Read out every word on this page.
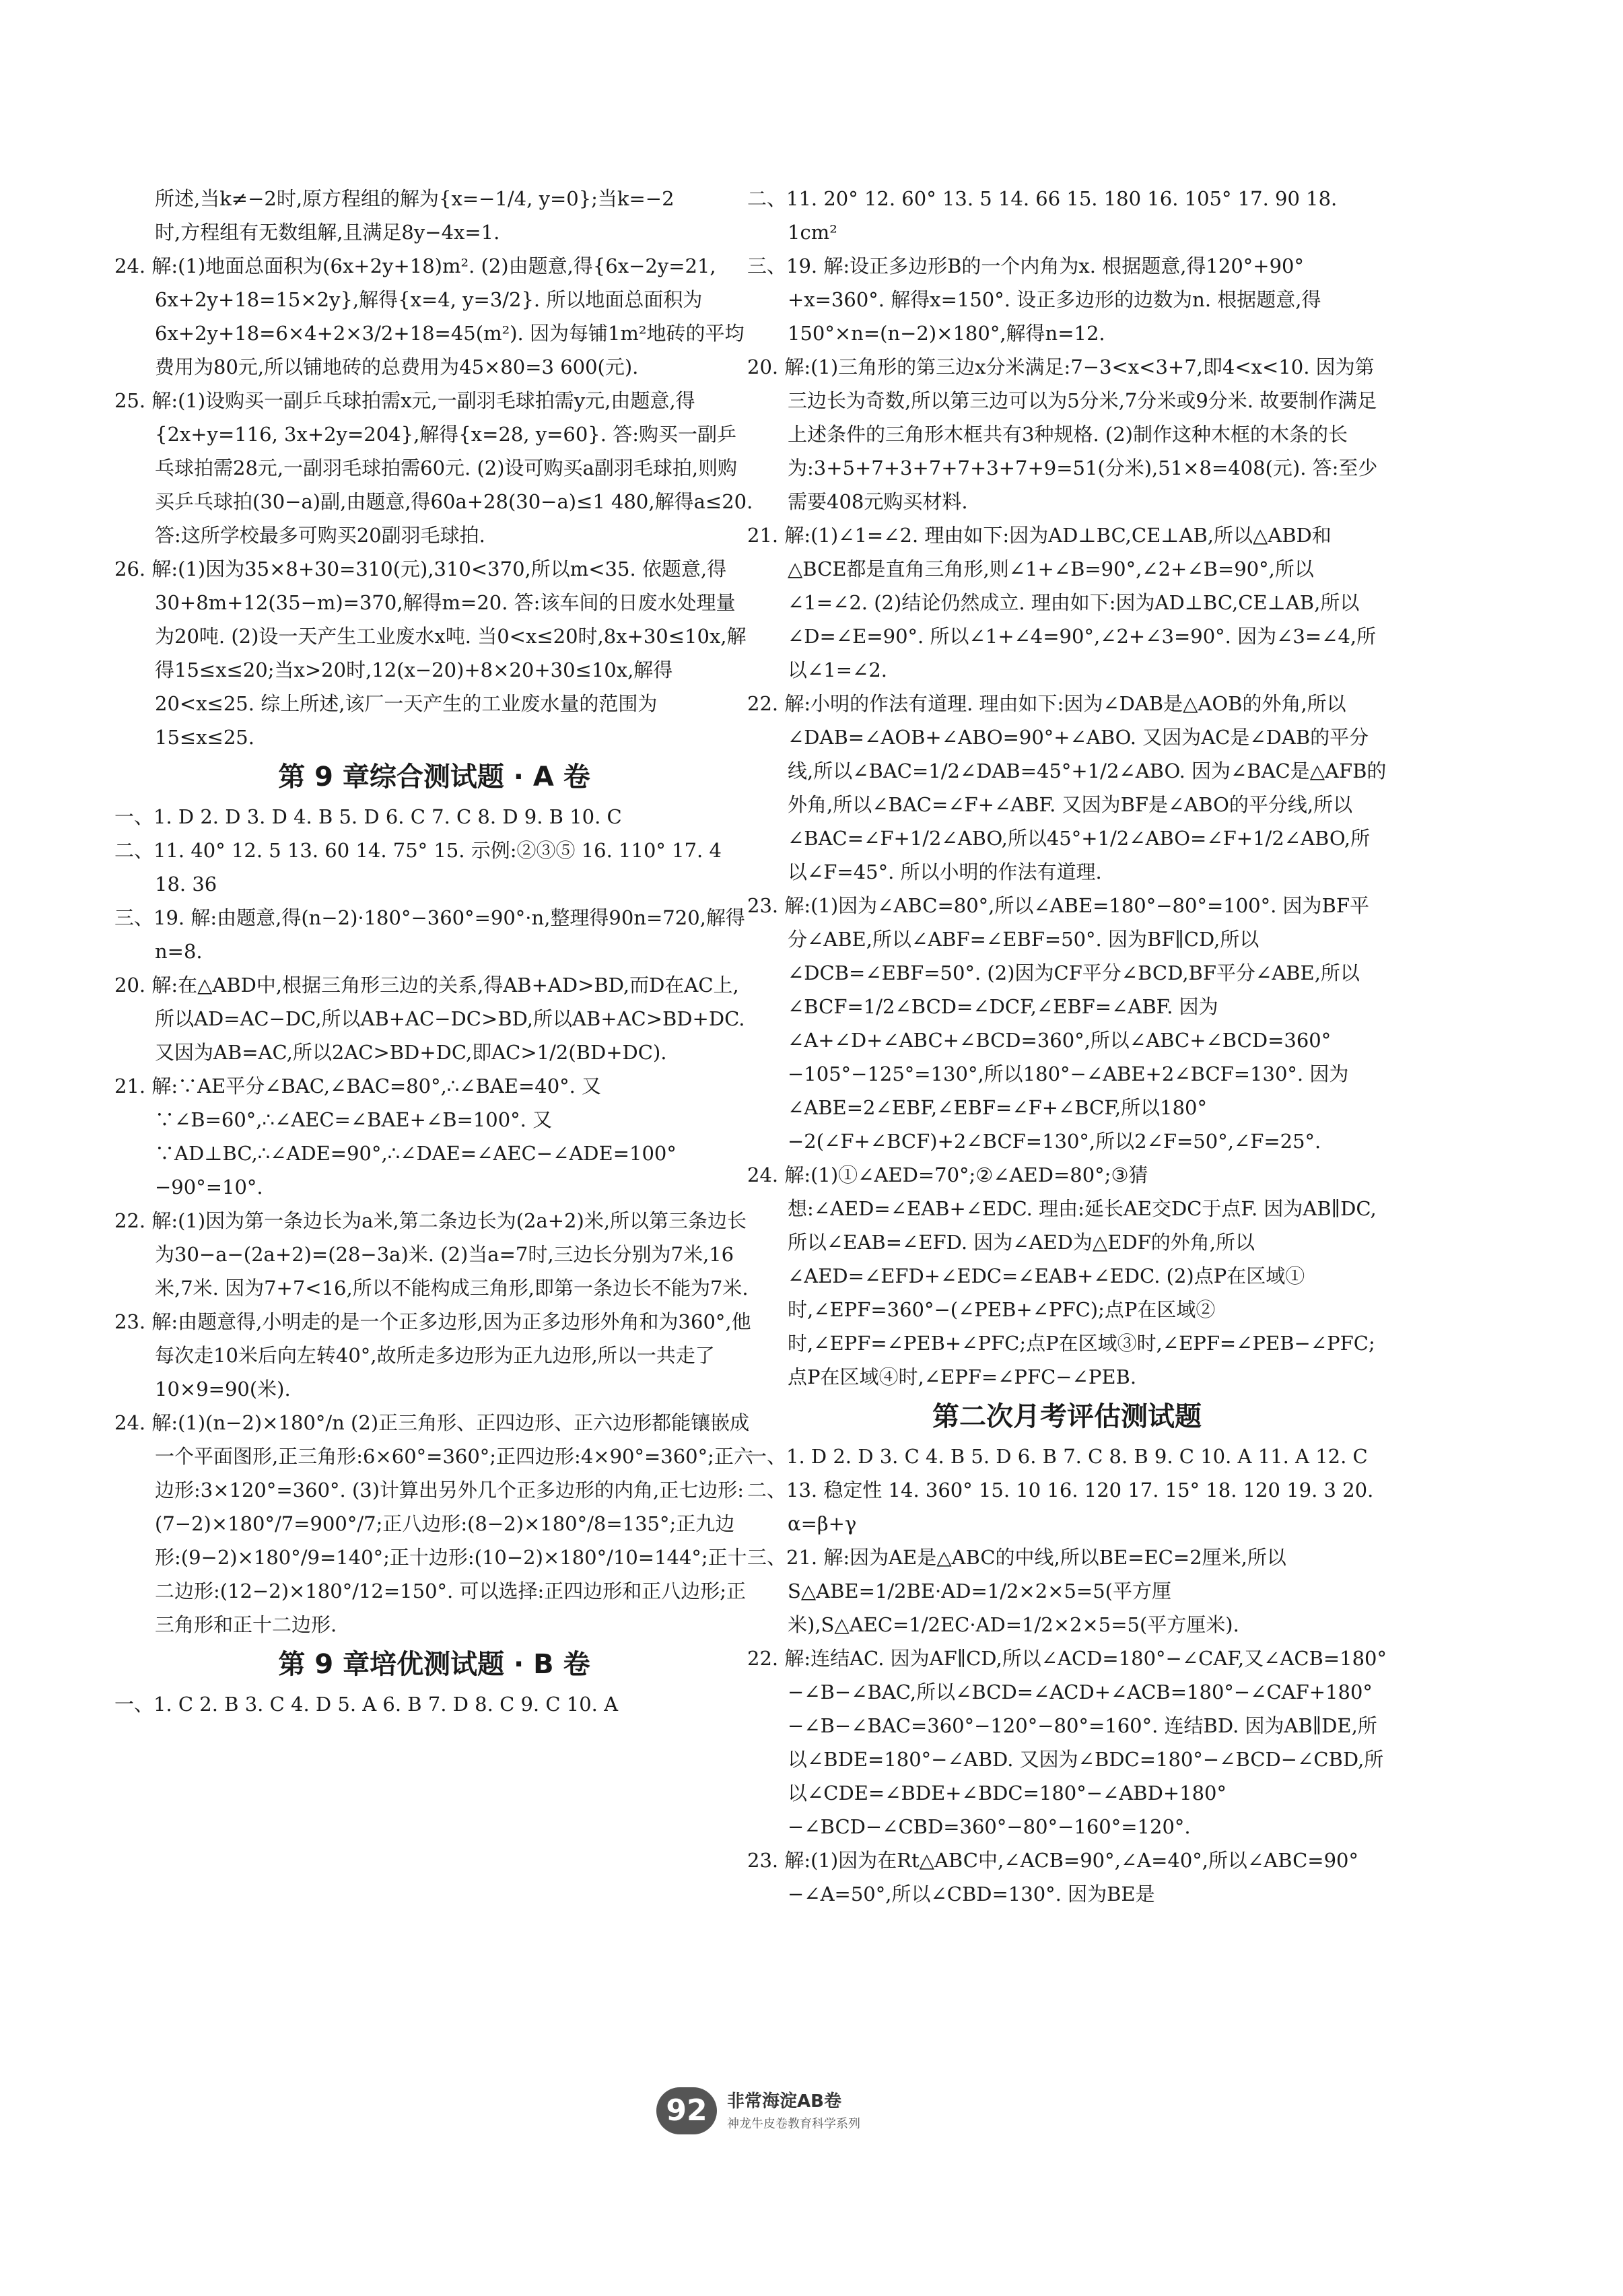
所述,当k≠−2时,原方程组的解为{x=−1/4, y=0};当k=−2
时,方程组有无数组解,且满足8y−4x=1.
24. 解:(1)地面总面积为(6x+2y+18)m². (2)由题意,得{6x−2y=21, 6x+2y+18=15×2y},解得{x=4, y=3/2}. 所以地面总面积为6x+2y+18=6×4+2×3/2+18=45(m²). 因为每铺1m²地砖的平均费用为80元,所以铺地砖的总费用为45×80=3 600(元).
25. 解:(1)设购买一副乒乓球拍需x元,一副羽毛球拍需y元,由题意,得{2x+y=116, 3x+2y=204},解得{x=28, y=60}. 答:购买一副乒乓球拍需28元,一副羽毛球拍需60元. (2)设可购买a副羽毛球拍,则购买乒乓球拍(30−a)副,由题意,得60a+28(30−a)≤1 480,解得a≤20. 答:这所学校最多可购买20副羽毛球拍.
26. 解:(1)因为35×8+30=310(元),310<370,所以m<35. 依题意,得30+8m+12(35−m)=370,解得m=20. 答:该车间的日废水处理量为20吨. (2)设一天产生工业废水x吨. 当0<x≤20时,8x+30≤10x,解得15≤x≤20;当x>20时,12(x−20)+8×20+30≤10x,解得20<x≤25. 综上所述,该厂一天产生的工业废水量的范围为15≤x≤25.
第 9 章综合测试题 · A 卷
一、1. D 2. D 3. D 4. B 5. D 6. C 7. C 8. D 9. B 10. C
二、11. 40° 12. 5 13. 60 14. 75° 15. 示例:②③⑤ 16. 110° 17. 4 18. 36
三、19. 解:由题意,得(n−2)·180°−360°=90°·n,整理得90n=720,解得n=8.
20. 解:在△ABD中,根据三角形三边的关系,得AB+AD>BD,而D在AC上,所以AD=AC−DC,所以AB+AC−DC>BD,所以AB+AC>BD+DC. 又因为AB=AC,所以2AC>BD+DC,即AC>1/2(BD+DC).
21. 解:∵AE平分∠BAC,∠BAC=80°,∴∠BAE=40°. 又∵∠B=60°,∴∠AEC=∠BAE+∠B=100°. 又∵AD⊥BC,∴∠ADE=90°,∴∠DAE=∠AEC−∠ADE=100°−90°=10°.
22. 解:(1)因为第一条边长为a米,第二条边长为(2a+2)米,所以第三条边长为30−a−(2a+2)=(28−3a)米. (2)当a=7时,三边长分别为7米,16米,7米. 因为7+7<16,所以不能构成三角形,即第一条边长不能为7米.
23. 解:由题意得,小明走的是一个正多边形,因为正多边形外角和为360°,他每次走10米后向左转40°,故所走多边形为正九边形,所以一共走了10×9=90(米).
24. 解:(1)(n−2)×180°/n (2)正三角形、正四边形、正六边形都能镶嵌成一个平面图形,正三角形:6×60°=360°;正四边形:4×90°=360°;正六边形:3×120°=360°. (3)计算出另外几个正多边形的内角,正七边形:(7−2)×180°/7=900°/7;正八边形:(8−2)×180°/8=135°;正九边形:(9−2)×180°/9=140°;正十边形:(10−2)×180°/10=144°;正十二边形:(12−2)×180°/12=150°. 可以选择:正四边形和正八边形;正三角形和正十二边形.
第 9 章培优测试题 · B 卷
一、1. C 2. B 3. C 4. D 5. A 6. B 7. D 8. C 9. C 10. A
二、11. 20° 12. 60° 13. 5 14. 66 15. 180 16. 105° 17. 90 18. 1cm²
三、19. 解:设正多边形B的一个内角为x. 根据题意,得120°+90°+x=360°. 解得x=150°. 设正多边形的边数为n. 根据题意,得150°×n=(n−2)×180°,解得n=12.
20. 解:(1)三角形的第三边x分米满足:7−3<x<3+7,即4<x<10. 因为第三边长为奇数,所以第三边可以为5分米,7分米或9分米. 故要制作满足上述条件的三角形木框共有3种规格. (2)制作这种木框的木条的长为:3+5+7+3+7+7+3+7+9=51(分米),51×8=408(元). 答:至少需要408元购买材料.
21. 解:(1)∠1=∠2. 理由如下:因为AD⊥BC,CE⊥AB,所以△ABD和△BCE都是直角三角形,则∠1+∠B=90°,∠2+∠B=90°,所以∠1=∠2. (2)结论仍然成立. 理由如下:因为AD⊥BC,CE⊥AB,所以∠D=∠E=90°. 所以∠1+∠4=90°,∠2+∠3=90°. 因为∠3=∠4,所以∠1=∠2.
22. 解:小明的作法有道理. 理由如下:因为∠DAB是△AOB的外角,所以∠DAB=∠AOB+∠ABO=90°+∠ABO. 又因为AC是∠DAB的平分线,所以∠BAC=1/2∠DAB=45°+1/2∠ABO. 因为∠BAC是△AFB的外角,所以∠BAC=∠F+∠ABF. 又因为BF是∠ABO的平分线,所以∠BAC=∠F+1/2∠ABO,所以45°+1/2∠ABO=∠F+1/2∠ABO,所以∠F=45°. 所以小明的作法有道理.
23. 解:(1)因为∠ABC=80°,所以∠ABE=180°−80°=100°. 因为BF平分∠ABE,所以∠ABF=∠EBF=50°. 因为BF∥CD,所以∠DCB=∠EBF=50°. (2)因为CF平分∠BCD,BF平分∠ABE,所以∠BCF=1/2∠BCD=∠DCF,∠EBF=∠ABF. 因为∠A+∠D+∠ABC+∠BCD=360°,所以∠ABC+∠BCD=360°−105°−125°=130°,所以180°−∠ABE+2∠BCF=130°. 因为∠ABE=2∠EBF,∠EBF=∠F+∠BCF,所以180°−2(∠F+∠BCF)+2∠BCF=130°,所以2∠F=50°,∠F=25°.
24. 解:(1)①∠AED=70°;②∠AED=80°;③猜想:∠AED=∠EAB+∠EDC. 理由:延长AE交DC于点F. 因为AB∥DC,所以∠EAB=∠EFD. 因为∠AED为△EDF的外角,所以∠AED=∠EFD+∠EDC=∠EAB+∠EDC. (2)点P在区域①时,∠EPF=360°−(∠PEB+∠PFC);点P在区域②时,∠EPF=∠PEB+∠PFC;点P在区域③时,∠EPF=∠PEB−∠PFC;点P在区域④时,∠EPF=∠PFC−∠PEB.
第二次月考评估测试题
一、1. D 2. D 3. C 4. B 5. D 6. B 7. C 8. B 9. C 10. A 11. A 12. C
二、13. 稳定性 14. 360° 15. 10 16. 120 17. 15° 18. 120 19. 3 20. α=β+γ
三、21. 解:因为AE是△ABC的中线,所以BE=EC=2厘米,所以S△ABE=1/2BE·AD=1/2×2×5=5(平方厘米),S△AEC=1/2EC·AD=1/2×2×5=5(平方厘米).
22. 解:连结AC. 因为AF∥CD,所以∠ACD=180°−∠CAF,又∠ACB=180°−∠B−∠BAC,所以∠BCD=∠ACD+∠ACB=180°−∠CAF+180°−∠B−∠BAC=360°−120°−80°=160°. 连结BD. 因为AB∥DE,所以∠BDE=180°−∠ABD. 又因为∠BDC=180°−∠BCD−∠CBD,所以∠CDE=∠BDE+∠BDC=180°−∠ABD+180°−∠BCD−∠CBD=360°−80°−160°=120°.
23. 解:(1)因为在Rt△ABC中,∠ACB=90°,∠A=40°,所以∠ABC=90°−∠A=50°,所以∠CBD=130°. 因为BE是
92	非常海淀AB卷
神龙牛皮卷教育科学系列
